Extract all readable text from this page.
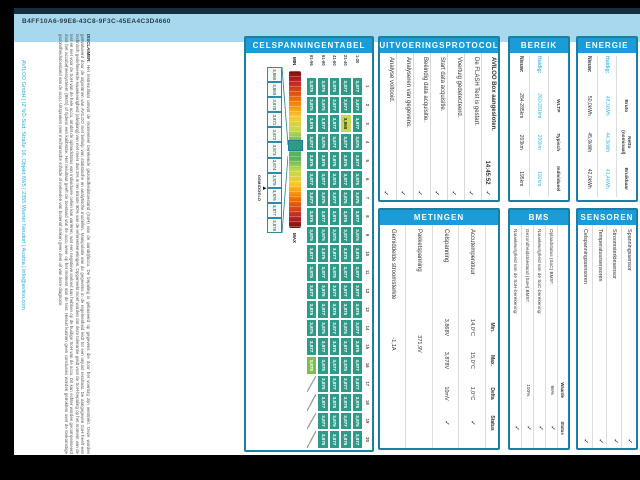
B4FF10A6-99E8-43C8-9F3C-45EA4C3D4660
AVILOO GmbH | IZ NÖ-Süd, Straße 16, Objekt 69/5 | 2355 Wiener Neudorf | Austria | info@aviloo.com
DISCLAIMER: Het testresultaat omvat de momenteel berekende gezondheidstoestand (SoH) van de aandrijfaccu. De bepaling is gebaseerd op gegevens die door het voertuig zijn verstrekt. Deze worden geëvalueerd door de algoritmen van AVILOO met behulp van statistische en analytische modellen. Manipulatie van de gegevens in de regeleenheid leidt tot een onjuist resultaat. De aangegeven SoH heeft een technisch gedefinieerde nauwkeurigheid (afwijking) van niet meer dan 3% in ten minste 90% van de referentiemetingen. Opgemerkt moet worden dat deze tolerantie geldt voor de SoH-bepaling op het moment van de test en niet voor de SoH van de hele accu, omdat de oplaadstatus van individuele cellen kan variëren, wat een negatieve invloed kan hebben op de huidige SoH van de accu. Dit kan echter worden gecompenseerd door het accubeheersysteem (BMS) of tijdens een kalibratie. Het resultaat geeft de toestand van de accu weer op het moment van de test. Hieruit kunnen geen conclusies worden getrokken over de toekomstige gezondheidstoestand van de accu. Uitspraken over mechanische schade of invloeden van buitenaf maken geen deel uit van deze diagnose.	CELSPANNINGENTABEL
MIN
MAX
3,868
3,869
3,870
3,871
3,872
3,873
3,874
3,875
3,876
3,877
3,878
▲
GEMIDDELD
1
2
3
4
5
6
7
8
9
10
11
12
13
14
15
16
17
18
19
20
1-20
3,877
3,877
3,877
3,875
3,877
3,875
3,875
3,877
3,875
3,875
3,877
3,877
3,875
3,877
3,875
3,877
3,877
3,875
3,875
3,877
21-40
3,877
3,877
3,868
3,877
3,875
3,877
3,875
3,875
3,877
3,875
3,877
3,877
3,875
3,875
3,877
3,875
3,877
3,875
3,877
3,875
41-60
3,875
3,877
3,877
3,877
3,875
3,875
3,877
3,875
3,875
3,877
3,875
3,877
3,875
3,877
3,875
3,877
3,877
3,875
3,875
3,877
61-80
3,875
3,875
3,877
3,875
3,875
3,877
3,875
3,877
3,875
3,875
3,877
3,875
3,877
3,875
3,877
3,875
3,875
3,877
3,877
3,875
81-96
3,875
3,875
3,875
3,877
3,875
3,877
3,877
3,875
3,875
3,877
3,875
3,877
3,875
3,875
3,877
3,878
UITVOERINGSPROTOCOL
AVILOO Box aangesloten.
14:45:52
✓
De FLASH Test is gestart.
✓
Voertuig gedetecteerd.
✓
Start data acquisitie.
✓
Beëindig data acquisitie.
✓
Analyseren van gegevens.
✓
Analyse voltooid.
✓
BEREIK
WLTP
Typisch
Individueel
Huidig:
260-281km
200km
192km
Nieuw:
284-285km
203km
195km
ENERGIE
Bruto
Netto (nominaal)
Bruikbaar
Huidig:
48,3kWh
44,3kWh
41,4kWh
Nieuw:
50,0kWh
45,0kWh
42,0kWh
METINGEN
Min.
Max.
Delta
Status
Accutemperatuur
14,0°C
15,0°C
1,0°C
✓
Celspanning
3,868V
3,878V
10mV
✓
Pakketspanning
371,9V
Gemiddelde stroomsterkte
-1,1A
BMS
Waarde
Status
Oplaadstatus (SoC) BMS*:
66%
✓
Nauwkeurigheid van de SoC-berekening:
✓
Gezondheidstoestand (SoH) BMS*:
100%
✓
Nauwkeurigheid van de SoH-berekening:
✓
SENSOREN
Spanningssensor
✓
Stroomsterktesensor
✓
Temperatuursensoren
✓
Celspanningssensoren
✓
